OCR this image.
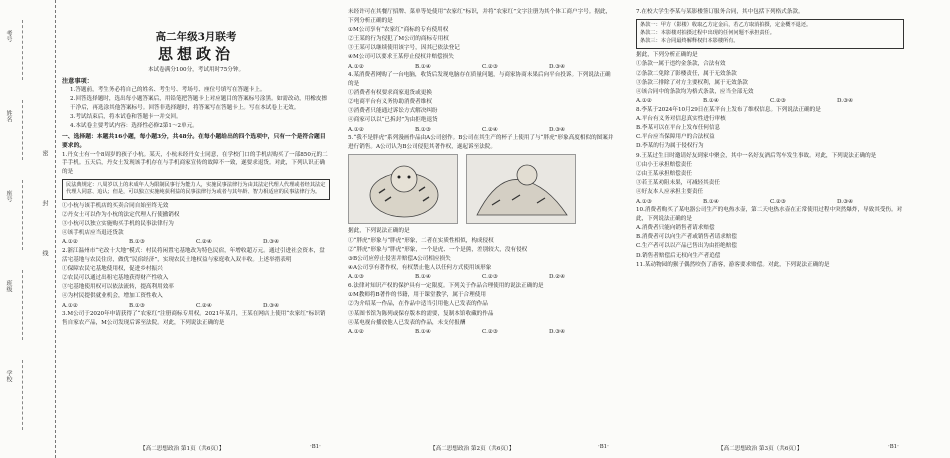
考号
姓名
座号
班级
学校
密
封
线
高二年级3月联考
思想政治
本试卷满分100分，考试用时75分钟。
注意事项：

1.答题前，考生务必将自己的姓名、考生号、考场号、座位号填写在答题卡上。

2.回答选择题时，选出每小题答案后，用铅笔把答题卡上对应题目的答案标号涂黑。如需改动，用橡皮擦干净后，再选涂其他答案标号。回答非选择题时，将答案写在答题卡上。写在本试卷上无效。

3.考试结束后，将本试卷和答题卡一并交回。

4.本试卷主要考试内容：选择性必修2第1～2单元。

一、选择题：本题共16小题，每小题3分，共48分。在每小题给出的四个选项中，只有一个是符合题目要求的。

1.丹女士有一个8周岁的孩子小杭。某天，小杭未经丹女士同意，在学校门口的手机店购买了一部850元的二手手机。五天后，丹女士发现该手机存在与手机商家宣传的故障不一致，遂要求退货。对此，下列认识正确的是

民法典规定：八周岁以上的未成年人为限制民事行为能力人，实施民事法律行为由其法定代理人代理或者经其法定代理人同意、追认；但是，可以独立实施纯获利益的民事法律行为或者与其年龄、智力相适应的民事法律行为。

①小杭与该手机店的买卖合同自始至终无效

②丹女士可以作为小杭的法定代理人行使撤销权

③小杭可以独立实施购买手机的民事法律行为

④该手机店应当退还货款

A.①②	B.①③	C.②④	D.③④

2.浙江温州市“宅改十大地”模式：村民将闲置宅基地改为特色民宿，年增收超万元。通过引进社会资本，盘活宅基地与农民住房，做优“民宿经济”，实现农民土地权益与家庭收入双丰收。上述举措表明

①保障农民宅基地使用权，促进乡村振兴

②农民可以通过出租宅基地获得财产性收入

③宅基地使用权可以依法流转，提高利用效率

④为村民提供就业机会，增加工资性收入

A.①②	B.①③	C.②④	D.③④

3.M公司于2020年申请获得了“农家红”注册商标专用权。2021年某月，王某在网店上使用“农家红”标识销售自家农产品，M公司发现后诉至法院。对此，下列说法正确的是

未经许可在其餐厅招牌、菜单等处使用“农家红”标识，并将“农家红”文字注册为其个体工商户字号。据此，下列分析正确的是

①M公司享有“农家红”商标的专有使用权

②王某的行为侵犯了M公司的商标专用权

③王某可以继续使用该字号，因其已依法登记

④M公司可以要求王某停止侵权并赔偿损失

A.①②	B.①④	C.②③	D.③④

4.某消费者网购了一台电脑，收货后发现电脑存在质量问题，与商家协商未果后向平台投诉。下列说法正确的是

①消费者有权要求商家退货或更换

②电商平台有义务协助消费者维权

③消费者只能通过诉讼方式解决纠纷

④商家可以以“已拆封”为由拒绝退货

A.①②	B.①③	C.②④	D.③④

5.“我不是胖虎”系列漫画作品由A公司创作。B公司在其生产的杯子上使用了与“胖虎”形象高度相似的图案并进行销售。A公司认为B公司侵犯其著作权，遂起诉至法院。

据此，下列说法正确的是

①“胖虎”形象与“胖虎”形象，二者在实质性相似，构成侵权

②“胖虎”形象与“胖虎”形象，一个是虎、一个是熊，差别较大，没有侵权

③B公司应停止侵害并赔偿A公司相应损失

④A公司享有著作权，有权禁止他人以任何方式使用该形象

A.①③	B.①④	C.②③	D.②④

6.法律对知识产权的保护具有一定限度。下列关于作品合理使用的说法正确的是

①M教师将B著作的书籍，用于课堂教学，属于合理使用

②为介绍某一作品，在作品中适当引用他人已发表的作品

③某图书馆为陈列或保存版本的需要，复制本馆收藏的作品

④某电视台播放他人已发表的作品，未支付报酬

A.①②	B.①④	C.②③	D.③④

7.在校大学生李某与某影楼签订服务合同，其中包括下列格式条款。

条款一：甲方（影楼）收取乙方定金后，若乙方取消拍摄，定金概不退还。

条款二：本影楼对拍摄过程中出现的任何问题不承担责任。

条款三：本合同最终解释权归本影楼所有。

据此，下列分析正确的是

①条款一属于违约金条款，合法有效

②条款二免除了影楼责任，属于无效条款

③条款三排除了对方主要权利，属于无效条款

④该合同中的条款均为格式条款，应当全部无效

A.①②	B.①④	C.②③	D.③④

8.李某于2024年10月29日在某平台上发布了维权信息。下列说法正确的是

A.平台有义务对信息真实性进行审核

B.李某可以在平台上发布任何信息

C.平台应当保障用户的合法权益

D.李某的行为属于侵权行为

9.王某过生日时邀请好友到家中聚会，其中一名好友酒后驾车发生事故。对此，下列说法正确的是

①由小王承担赔偿责任

②由王某承担赔偿责任

③若王某劝阻未果，可减轻其责任

④好友本人应承担主要责任

A.①③	B.①④	C.②③	D.③④

10.消费者购买了某电器公司生产的电热水壶，第二天电热水壶在正常使用过程中突然爆炸，导致其受伤。对此，下列说法正确的是

A.消费者只能向销售者请求赔偿

B.消费者可以向生产者或销售者请求赔偿

C.生产者可以以产品已售出为由拒绝赔偿

D.销售者赔偿后无权向生产者追偿

11.某动物园的猴子偶然咬伤了游客，游客要求赔偿。对此，下列说法正确的是

【高二思想政治 第1页（共6页）】	·B1·	【高二思想政治 第2页（共6页）】	·B1·	【高二思想政治 第3页（共6页）】	·B1·
